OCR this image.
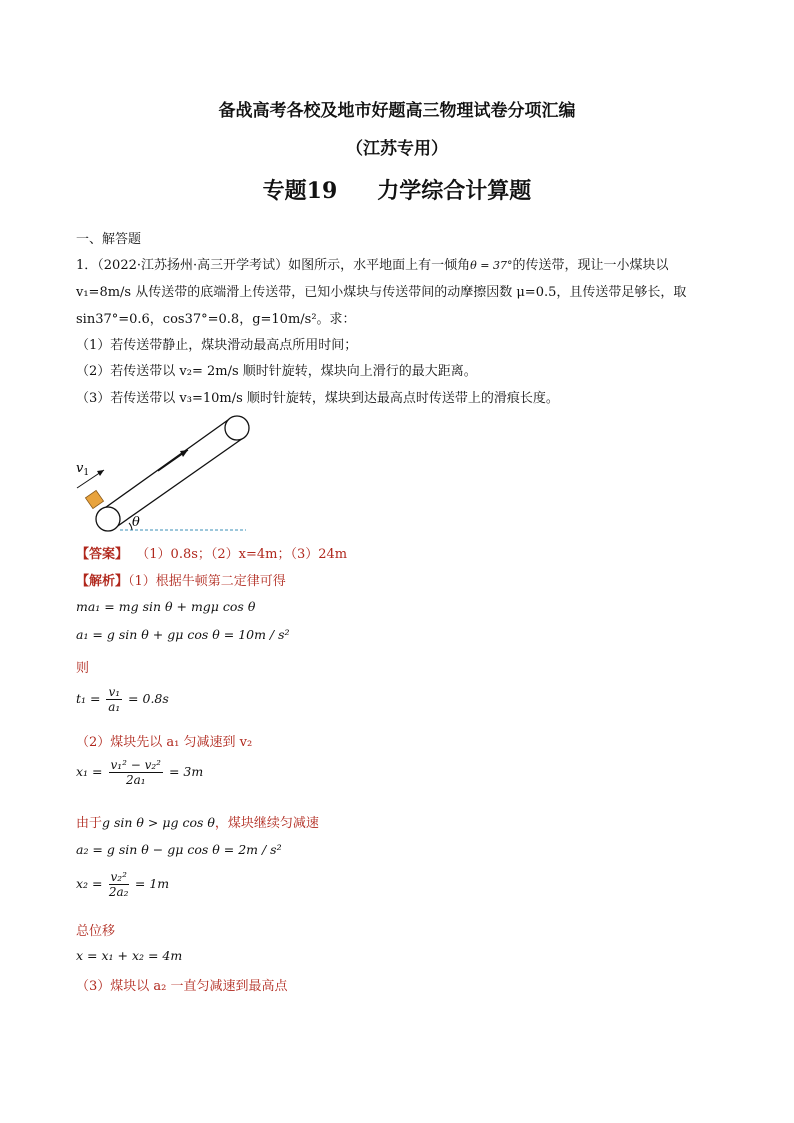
备战高考各校及地市好题高三物理试卷分项汇编
（江苏专用）
专题19 力学综合计算题
一、解答题
1．（2022·江苏扬州·高三开学考试）如图所示，水平地面上有一倾角θ = 37°的传送带，现让一小煤块以
v₁=8m/s 从传送带的底端滑上传送带，已知小煤块与传送带间的动摩擦因数 μ=0.5，且传送带足够长，取
sin37°=0.6，cos37°=0.8，g=10m/s²。求：
（1）若传送带静止，煤块滑动最高点所用时间；
（2）若传送带以 v₂= 2m/s 顺时针旋转，煤块向上滑行的最大距离。
（3）若传送带以 v₃=10m/s 顺时针旋转，煤块到达最高点时传送带上的滑痕长度。
θ
$v_1$
【答案】 （1）0.8s；（2）x=4m；（3）24m
【解析】（1）根据牛顿第二定律可得
ma₁ = mg sin θ + mgμ cos θ
a₁ = g sin θ + gμ cos θ = 10m / s²
则
$t_1 = \frac{\text{v₁}}{\text{a₁}} = 0.8s$
（2）煤块先以 a₁ 匀减速到 v₂
$x_1 = \frac{\text{v₁² − v₂²}}{\text{2a₁}} = 3m$
由于g sin θ > μg cos θ，煤块继续匀减速
a₂ = g sin θ − gμ cos θ = 2m / s²
$x_2 = \frac{\text{v₂²}}{\text{2a₂}} = 1m$
总位移
x = x₁ + x₂ = 4m
（3）煤块以 a₂ 一直匀减速到最高点
